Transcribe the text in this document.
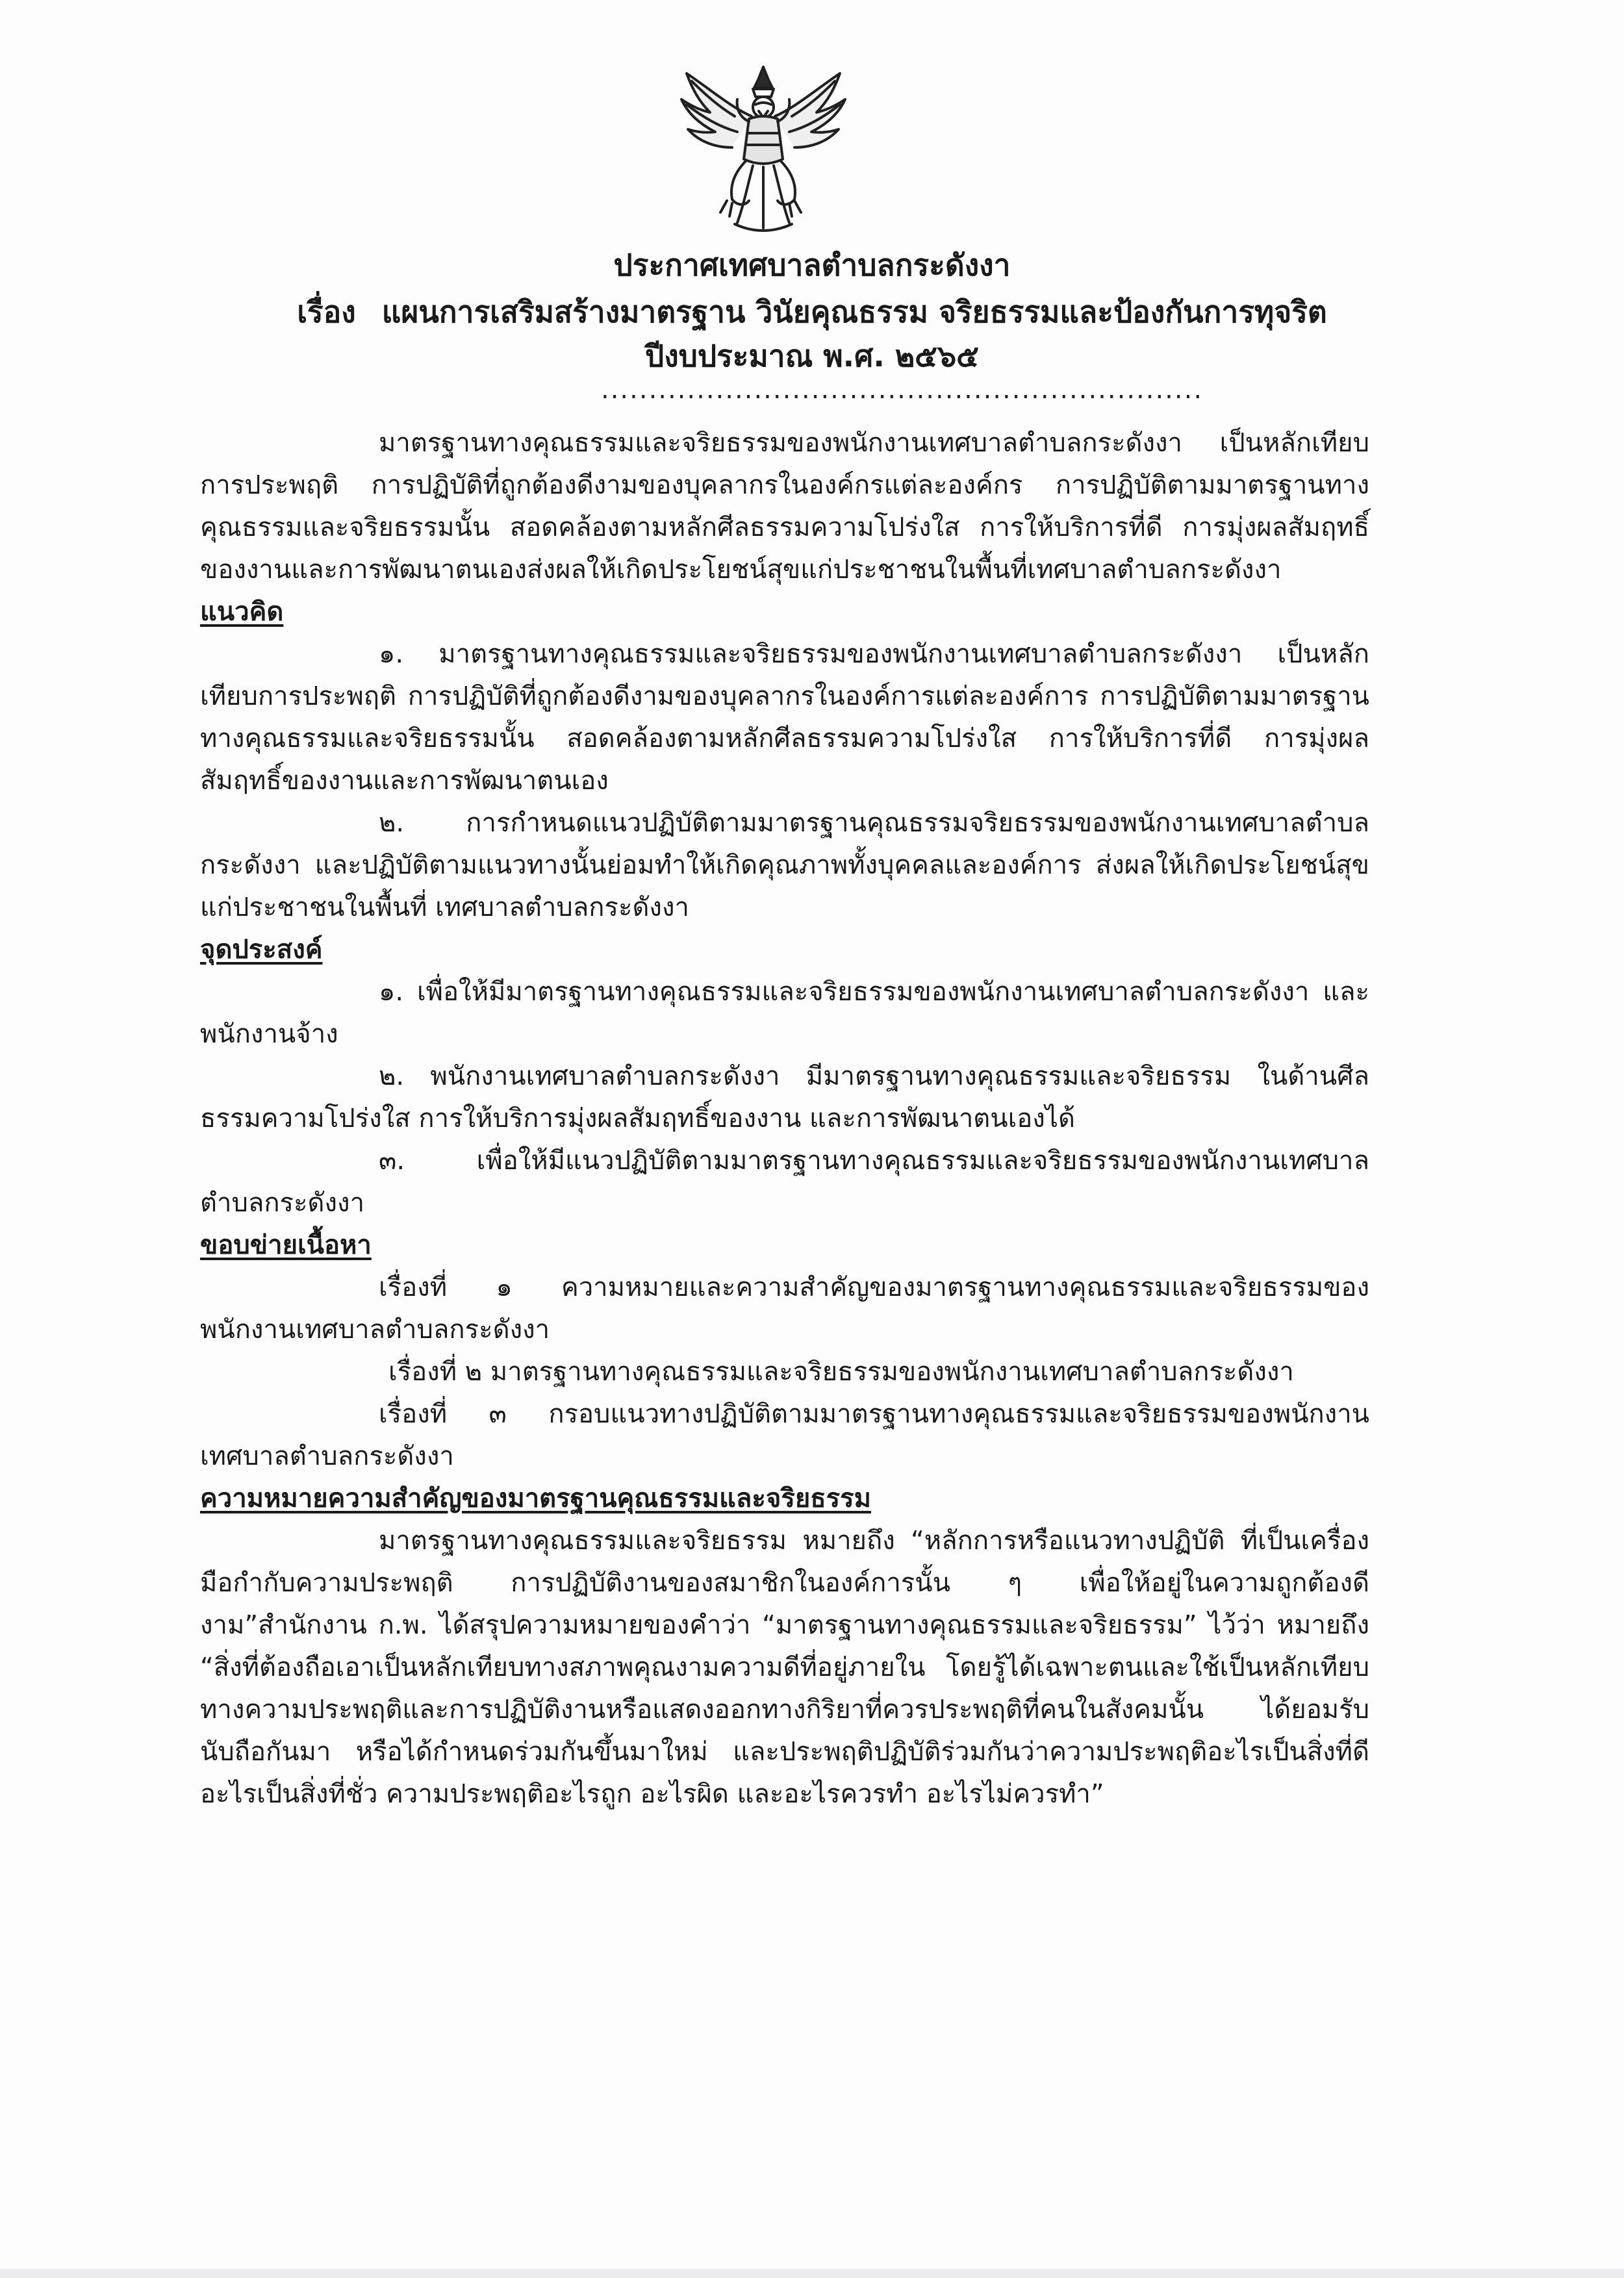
ประกาศเทศบาลตำบลกระดังงา
เรื่อง แผนการเสริมสร้างมาตรฐาน วินัยคุณธรรม จริยธรรมและป้องกันการทุจริต
ปีงบประมาณ พ.ศ. ๒๕๖๕
...............................................................

มาตรฐานทางคุณธรรมและจริยธรรมของพนักงานเทศบาลตำบลกระดังงา เป็นหลักเทียบการประพฤติ การปฏิบัติที่ถูกต้องดีงามของบุคลากรในองค์กรแต่ละองค์กร การปฏิบัติตามมาตรฐานทางคุณธรรมและจริยธรรมนั้น สอดคล้องตามหลักศีลธรรมความโปร่งใส การให้บริการที่ดี การมุ่งผลสัมฤทธิ์ของงานและการพัฒนาตนเองส่งผลให้เกิดประโยชน์สุขแก่ประชาชนในพื้นที่เทศบาลตำบลกระดังงา

แนวคิด

๑. มาตรฐานทางคุณธรรมและจริยธรรมของพนักงานเทศบาลตำบลกระดังงา เป็นหลักเทียบการประพฤติ การปฏิบัติที่ถูกต้องดีงามของบุคลากรในองค์การแต่ละองค์การ การปฏิบัติตามมาตรฐานทางคุณธรรมและจริยธรรมนั้น สอดคล้องตามหลักศีลธรรมความโปร่งใส การให้บริการที่ดี การมุ่งผลสัมฤทธิ์ของงานและการพัฒนาตนเอง

๒. การกำหนดแนวปฏิบัติตามมาตรฐานคุณธรรมจริยธรรมของพนักงานเทศบาลตำบลกระดังงา และปฏิบัติตามแนวทางนั้นย่อมทำให้เกิดคุณภาพทั้งบุคคลและองค์การ ส่งผลให้เกิดประโยชน์สุขแก่ประชาชนในพื้นที่ เทศบาลตำบลกระดังงา

จุดประสงค์

๑. เพื่อให้มีมาตรฐานทางคุณธรรมและจริยธรรมของพนักงานเทศบาลตำบลกระดังงา และพนักงานจ้าง

๒. พนักงานเทศบาลตำบลกระดังงา มีมาตรฐานทางคุณธรรมและจริยธรรม ในด้านศีลธรรมความโปร่งใส การให้บริการมุ่งผลสัมฤทธิ์ของงาน และการพัฒนาตนเองได้

๓. เพื่อให้มีแนวปฏิบัติตามมาตรฐานทางคุณธรรมและจริยธรรมของพนักงานเทศบาลตำบลกระดังงา

ขอบข่ายเนื้อหา

เรื่องที่ ๑ ความหมายและความสำคัญของมาตรฐานทางคุณธรรมและจริยธรรมของพนักงานเทศบาลตำบลกระดังงา

เรื่องที่ ๒ มาตรฐานทางคุณธรรมและจริยธรรมของพนักงานเทศบาลตำบลกระดังงา

เรื่องที่ ๓ กรอบแนวทางปฏิบัติตามมาตรฐานทางคุณธรรมและจริยธรรมของพนักงานเทศบาลตำบลกระดังงา

ความหมายความสำคัญของมาตรฐานคุณธรรมและจริยธรรม

มาตรฐานทางคุณธรรมและจริยธรรม หมายถึง “หลักการหรือแนวทางปฏิบัติ ที่เป็นเครื่องมือกำกับความประพฤติ การปฏิบัติงานของสมาชิกในองค์การนั้น ๆ เพื่อให้อยู่ในความถูกต้องดีงาม”สำนักงาน ก.พ. ได้สรุปความหมายของคำว่า “มาตรฐานทางคุณธรรมและจริยธรรม” ไว้ว่า หมายถึง “สิ่งที่ต้องถือเอาเป็นหลักเทียบทางสภาพคุณงามความดีที่อยู่ภายใน โดยรู้ได้เฉพาะตนและใช้เป็นหลักเทียบทางความประพฤติและการปฏิบัติงานหรือแสดงออกทางกิริยาที่ควรประพฤติที่คนในสังคมนั้น ได้ยอมรับนับถือกันมา หรือได้กำหนดร่วมกันขึ้นมาใหม่ และประพฤติปฏิบัติร่วมกันว่าความประพฤติอะไรเป็นสิ่งที่ดี อะไรเป็นสิ่งที่ชั่ว ความประพฤติอะไรถูก อะไรผิด และอะไรควรทำ อะไรไม่ควรทำ”
